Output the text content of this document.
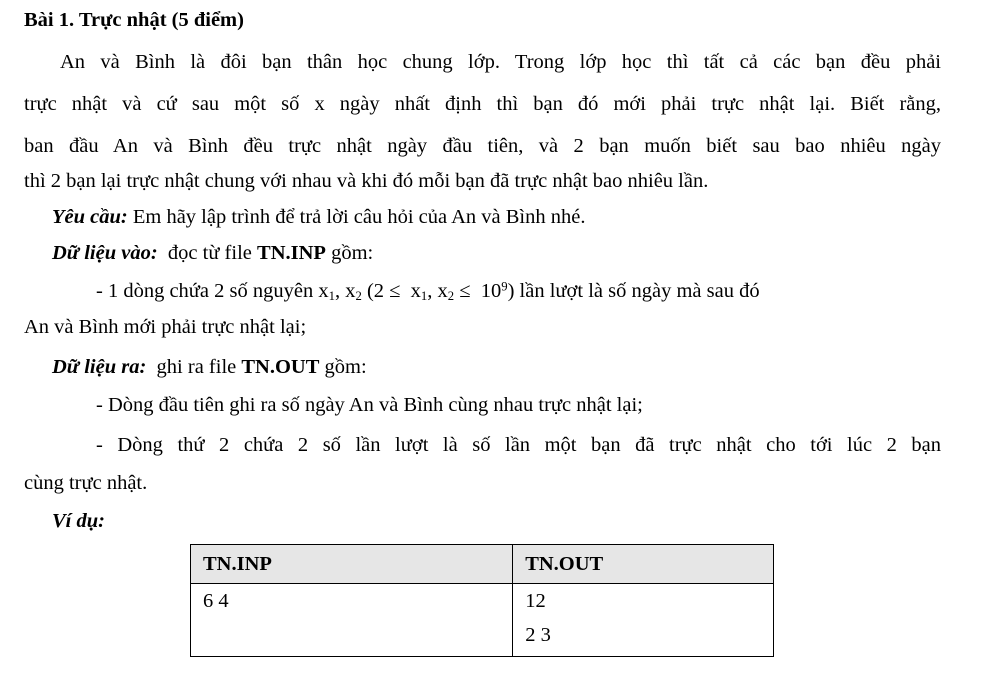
Bài 1. Trực nhật (5 điểm)
An và Bình là đôi bạn thân học chung lớp. Trong lớp học thì tất cả các bạn đều phải
trực nhật và cứ sau một số x ngày nhất định thì bạn đó mới phải trực nhật lại. Biết rằng,
ban đầu An và Bình đều trực nhật ngày đầu tiên, và 2 bạn muốn biết sau bao nhiêu ngày
thì 2 bạn lại trực nhật chung với nhau và khi đó mỗi bạn đã trực nhật bao nhiêu lần.
Yêu cầu: Em hãy lập trình để trả lời câu hỏi của An và Bình nhé.
Dữ liệu vào:  đọc từ file TN.INP gồm:
- 1 dòng chứa 2 số nguyên $x_1$, $x_2$ ($2 \le x_1$, $x_2 \le 10^9$) lần lượt là số ngày mà sau đó
An và Bình mới phải trực nhật lại;
Dữ liệu ra:  ghi ra file TN.OUT gồm:
- Dòng đầu tiên ghi ra số ngày An và Bình cùng nhau trực nhật lại;
- Dòng thứ 2 chứa 2 số lần lượt là số lần một bạn đã trực nhật cho tới lúc 2 bạn
cùng trực nhật.
Ví dụ:
TN.INP	TN.OUT

6 4	12
2 3
